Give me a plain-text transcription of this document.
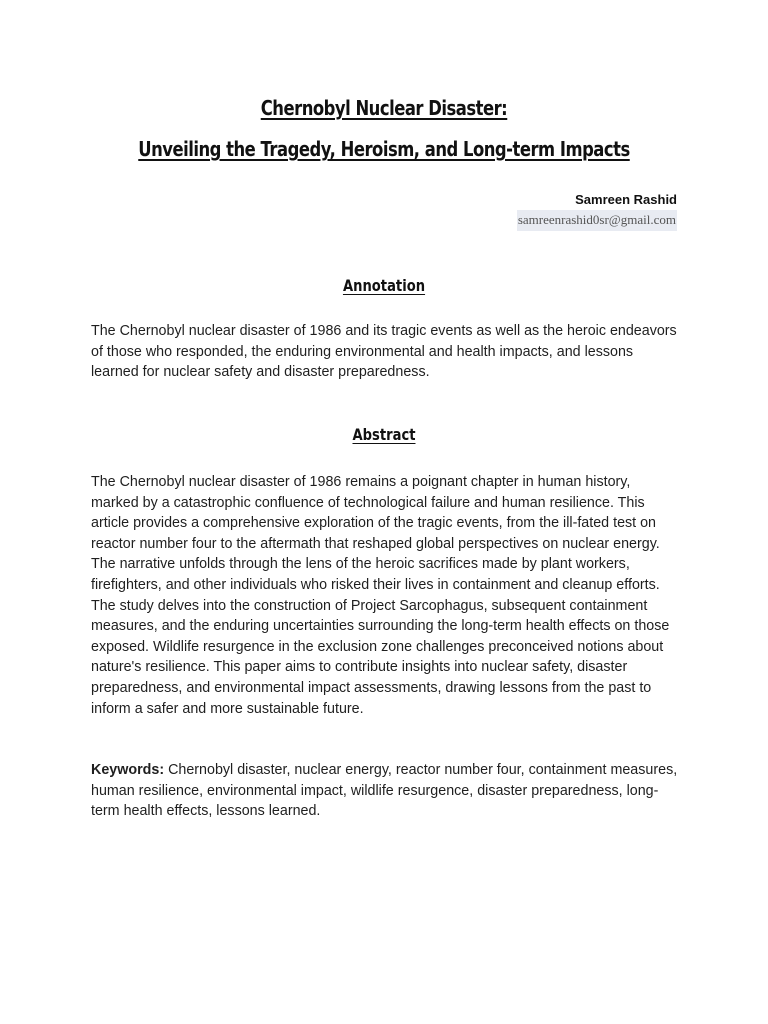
Chernobyl Nuclear Disaster:
Unveiling the Tragedy, Heroism, and Long-term Impacts
Samreen Rashid
samreenrashid0sr@gmail.com
Annotation

The Chernobyl nuclear disaster of 1986 and its tragic events as well as the heroic endeavors of those who responded, the enduring environmental and health impacts, and lessons learned for nuclear safety and disaster preparedness.

Abstract

The Chernobyl nuclear disaster of 1986 remains a poignant chapter in human history, marked by a catastrophic confluence of technological failure and human resilience. This article provides a comprehensive exploration of the tragic events, from the ill-fated test on reactor number four to the aftermath that reshaped global perspectives on nuclear energy. The narrative unfolds through the lens of the heroic sacrifices made by plant workers, firefighters, and other individuals who risked their lives in containment and cleanup efforts. The study delves into the construction of Project Sarcophagus, subsequent containment measures, and the enduring uncertainties surrounding the long-term health effects on those exposed. Wildlife resurgence in the exclusion zone challenges preconceived notions about nature's resilience. This paper aims to contribute insights into nuclear safety, disaster preparedness, and environmental impact assessments, drawing lessons from the past to inform a safer and more sustainable future.

Keywords: Chernobyl disaster, nuclear energy, reactor number four, containment measures, human resilience, environmental impact, wildlife resurgence, disaster preparedness, long-term health effects, lessons learned.
